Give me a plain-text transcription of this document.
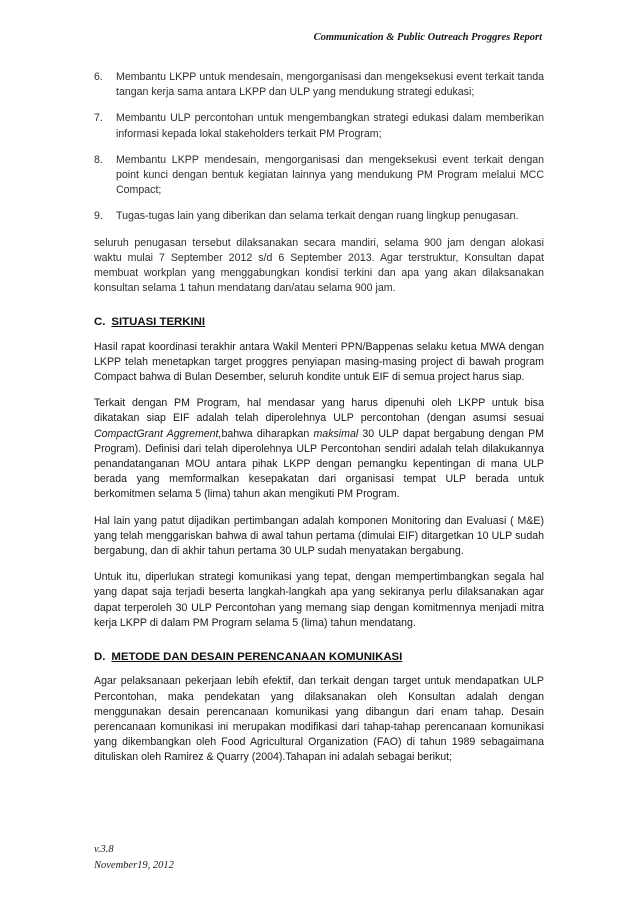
Communication & Public Outreach Proggres Report
6. Membantu LKPP untuk mendesain, mengorganisasi dan mengeksekusi event terkait tanda tangan kerja sama antara LKPP dan ULP yang mendukung strategi edukasi;
7. Membantu ULP percontohan untuk mengembangkan strategi edukasi dalam memberikan informasi kepada lokal stakeholders terkait PM Program;
8. Membantu LKPP mendesain, mengorganisasi dan mengeksekusi event terkait dengan point kunci dengan bentuk kegiatan lainnya yang mendukung PM Program melalui MCC Compact;
9. Tugas-tugas lain yang diberikan dan selama terkait dengan ruang lingkup penugasan.

seluruh penugasan tersebut dilaksanakan secara mandiri, selama 900 jam dengan alokasi waktu mulai 7 September 2012 s/d 6 September 2013. Agar terstruktur, Konsultan dapat membuat workplan yang menggabungkan kondisi terkini dan apa yang akan dilaksanakan konsultan selama 1 tahun mendatang dan/atau selama 900 jam.

C. SITUASI TERKINI

Hasil rapat koordinasi terakhir antara Wakil Menteri PPN/Bappenas selaku ketua MWA dengan LKPP telah menetapkan target proggres penyiapan masing-masing project di bawah program Compact bahwa di Bulan Desember, seluruh kondite untuk EIF di semua project harus siap.

Terkait dengan PM Program, hal mendasar yang harus dipenuhi oleh LKPP untuk bisa dikatakan siap EIF adalah telah diperolehnya ULP percontohan (dengan asumsi sesuai CompactGrant Aggrement,bahwa diharapkan maksimal 30 ULP dapat bergabung dengan PM Program). Definisi dari telah diperolehnya ULP Percontohan sendiri adalah telah dilakukannya penandatanganan MOU antara pihak LKPP dengan pemangku kepentingan di mana ULP berada yang memformalkan kesepakatan dari organisasi tempat ULP berada untuk berkomitmen selama 5 (lima) tahun akan mengikuti PM Program.

Hal lain yang patut dijadikan pertimbangan adalah komponen Monitoring dan Evaluasi ( M&E) yang telah menggariskan bahwa di awal tahun pertama (dimulai EIF) ditargetkan 10 ULP sudah bergabung, dan di akhir tahun pertama 30 ULP sudah menyatakan bergabung.

Untuk itu, diperlukan strategi komunikasi yang tepat, dengan mempertimbangkan segala hal yang dapat saja terjadi beserta langkah-langkah apa yang sekiranya perlu dilaksanakan agar dapat terperoleh 30 ULP Percontohan yang memang siap dengan komitmennya menjadi mitra kerja LKPP di dalam PM Program selama 5 (lima) tahun mendatang.

D. METODE DAN DESAIN PERENCANAAN KOMUNIKASI

Agar pelaksanaan pekerjaan lebih efektif, dan terkait dengan target untuk mendapatkan ULP Percontohan, maka pendekatan yang dilaksanakan oleh Konsultan adalah dengan menggunakan desain perencanaan komunikasi yang dibangun dari enam tahap. Desain perencanaan komunikasi ini merupakan modifikasi dari tahap-tahap perencanaan komunikasi yang dikembangkan oleh Food Agricultural Organization (FAO) di tahun 1989 sebagaimana dituliskan oleh Ramirez & Quarry (2004).Tahapan ini adalah sebagai berikut;

v.3.8
November19, 2012
